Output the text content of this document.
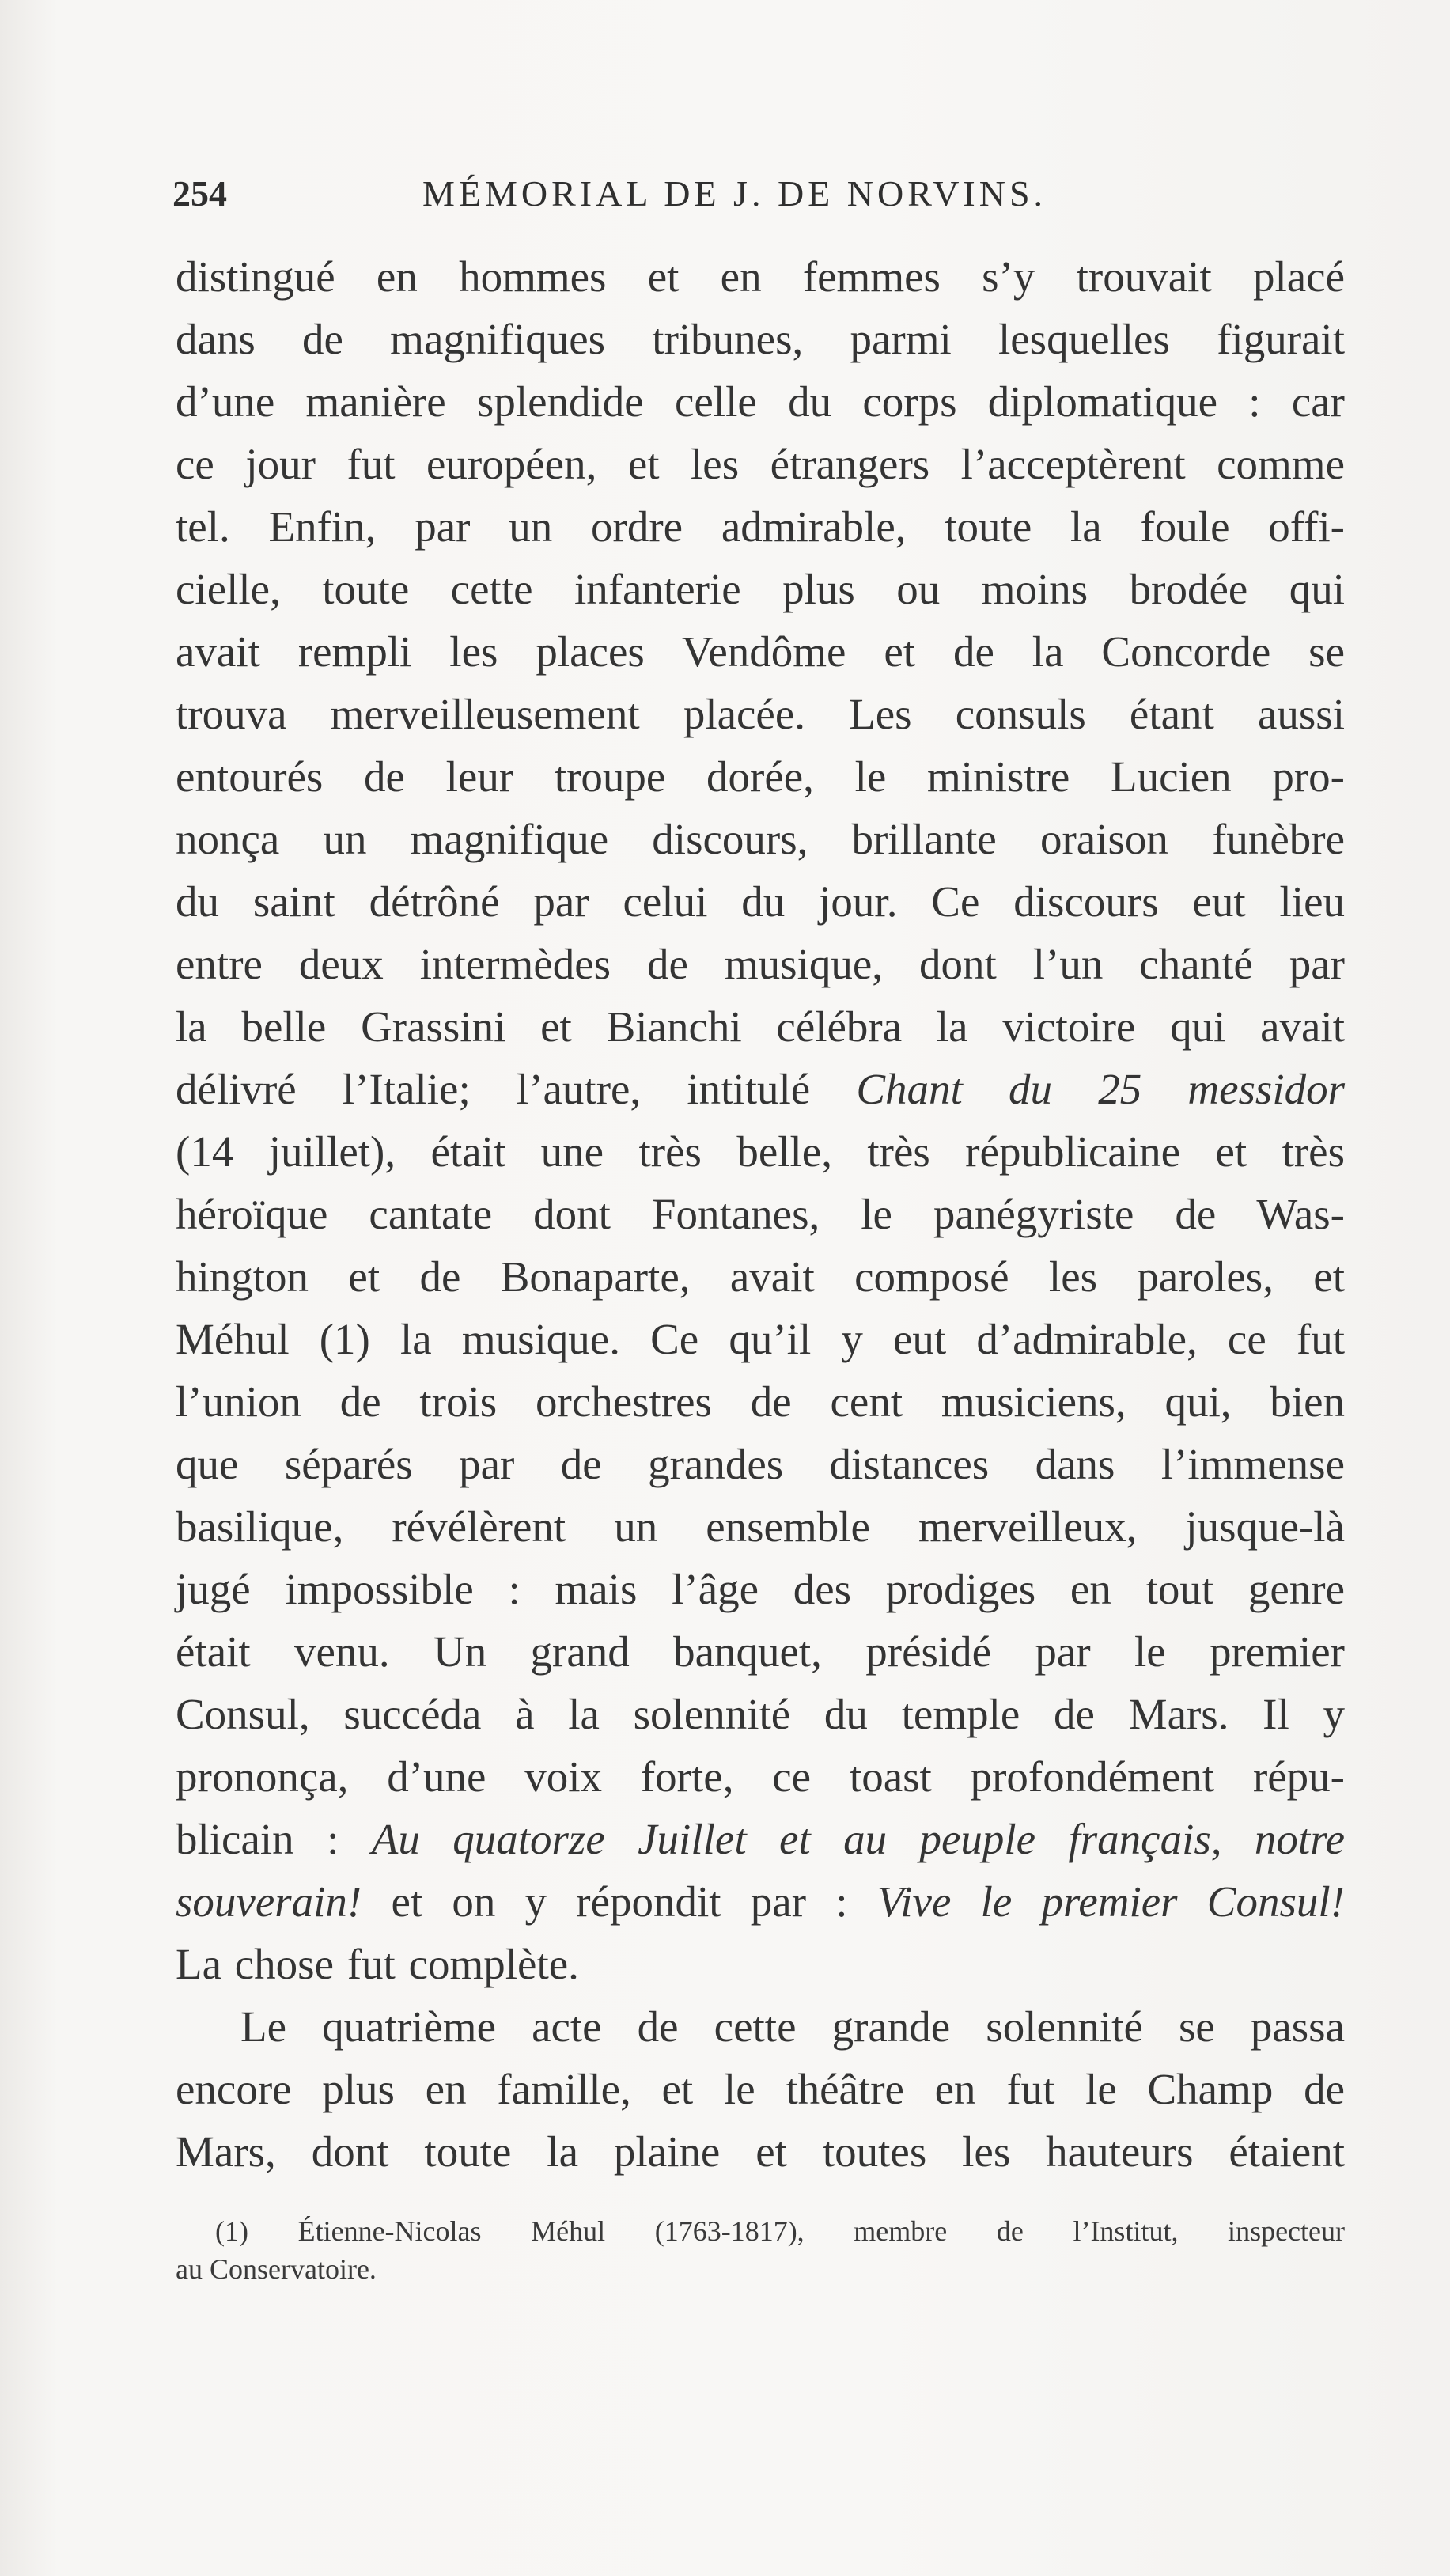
254	MÉMORIAL DE J. DE NORVINS.
distingué en hommes et en femmes s’y trouvait placé
dans de magnifiques tribunes, parmi lesquelles figurait
d’une manière splendide celle du corps diplomatique : car
ce jour fut européen, et les étrangers l’acceptèrent comme
tel. Enfin, par un ordre admirable, toute la foule offi-
cielle, toute cette infanterie plus ou moins brodée qui
avait rempli les places Vendôme et de la Concorde se
trouva merveilleusement placée. Les consuls étant aussi
entourés de leur troupe dorée, le ministre Lucien pro-
nonça un magnifique discours, brillante oraison funèbre
du saint détrôné par celui du jour. Ce discours eut lieu
entre deux intermèdes de musique, dont l’un chanté par
la belle Grassini et Bianchi célébra la victoire qui avait
délivré l’Italie; l’autre, intitulé Chant du 25 messidor
(14 juillet), était une très belle, très républicaine et très
héroïque cantate dont Fontanes, le panégyriste de Was-
hington et de Bonaparte, avait composé les paroles, et
Méhul (1) la musique. Ce qu’il y eut d’admirable, ce fut
l’union de trois orchestres de cent musiciens, qui, bien
que séparés par de grandes distances dans l’immense
basilique, révélèrent un ensemble merveilleux, jusque-là
jugé impossible : mais l’âge des prodiges en tout genre
était venu. Un grand banquet, présidé par le premier
Consul, succéda à la solennité du temple de Mars. Il y
prononça, d’une voix forte, ce toast profondément répu-
blicain : Au quatorze Juillet et au peuple français, notre
souverain! et on y répondit par : Vive le premier Consul!
La chose fut complète.
Le quatrième acte de cette grande solennité se passa
encore plus en famille, et le théâtre en fut le Champ de
Mars, dont toute la plaine et toutes les hauteurs étaient
(1) Étienne-Nicolas Méhul (1763-1817), membre de l’Institut, inspecteur
au Conservatoire.
